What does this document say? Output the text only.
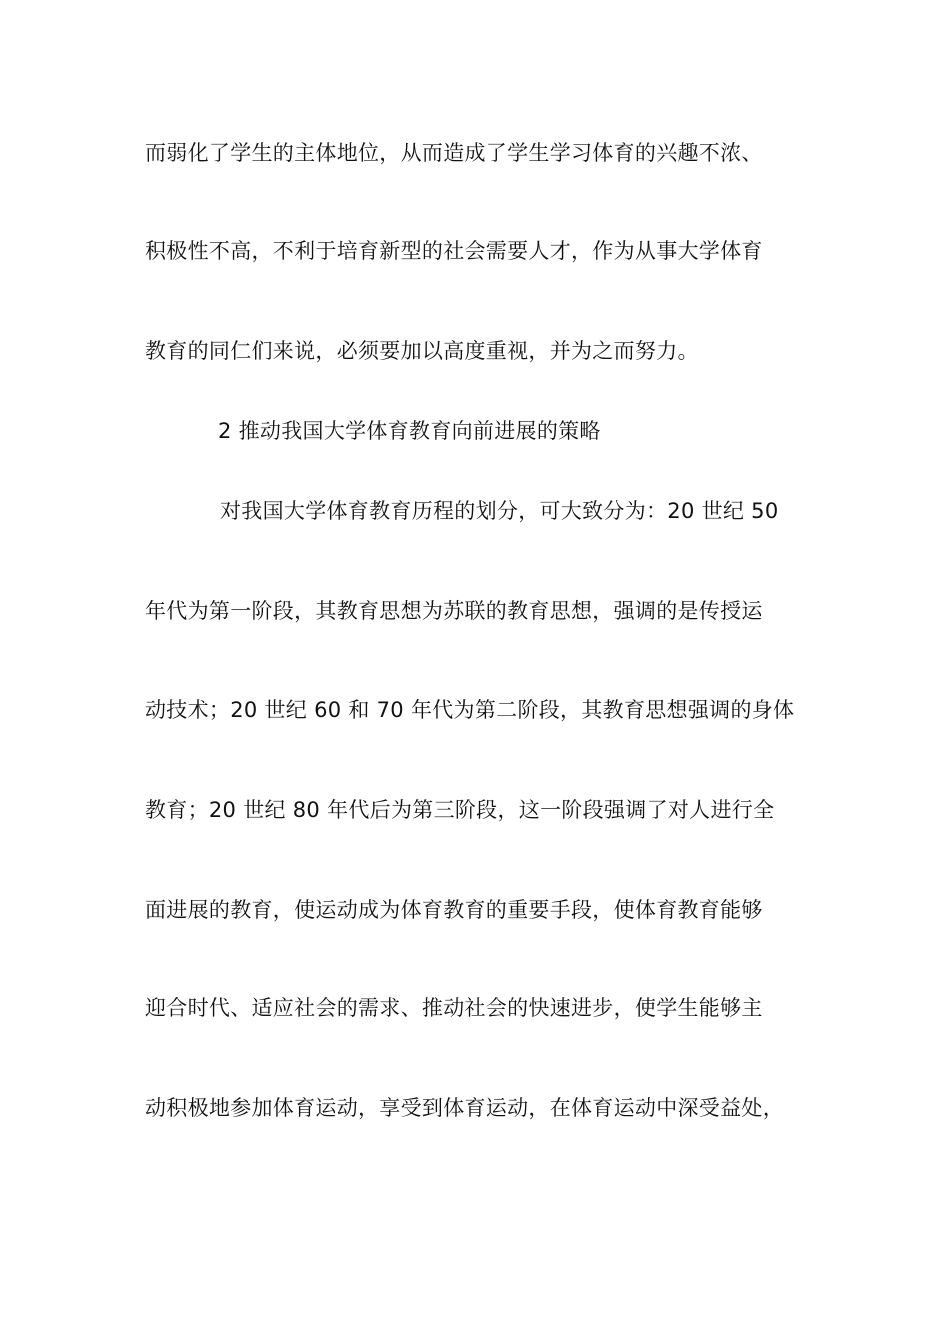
而弱化了学生的主体地位，从而造成了学生学习体育的兴趣不浓、
积极性不高，不利于培育新型的社会需要人才，作为从事大学体育
教育的同仁们来说，必须要加以高度重视，并为之而努力。
2 推动我国大学体育教育向前进展的策略
对我国大学体育教育历程的划分，可大致分为：20 世纪 50
年代为第一阶段，其教育思想为苏联的教育思想，强调的是传授运
动技术；20 世纪 60 和 70 年代为第二阶段，其教育思想强调的身体
教育；20 世纪 80 年代后为第三阶段，这一阶段强调了对人进行全
面进展的教育，使运动成为体育教育的重要手段，使体育教育能够
迎合时代、适应社会的需求、推动社会的快速进步，使学生能够主
动积极地参加体育运动，享受到体育运动，在体育运动中深受益处，
